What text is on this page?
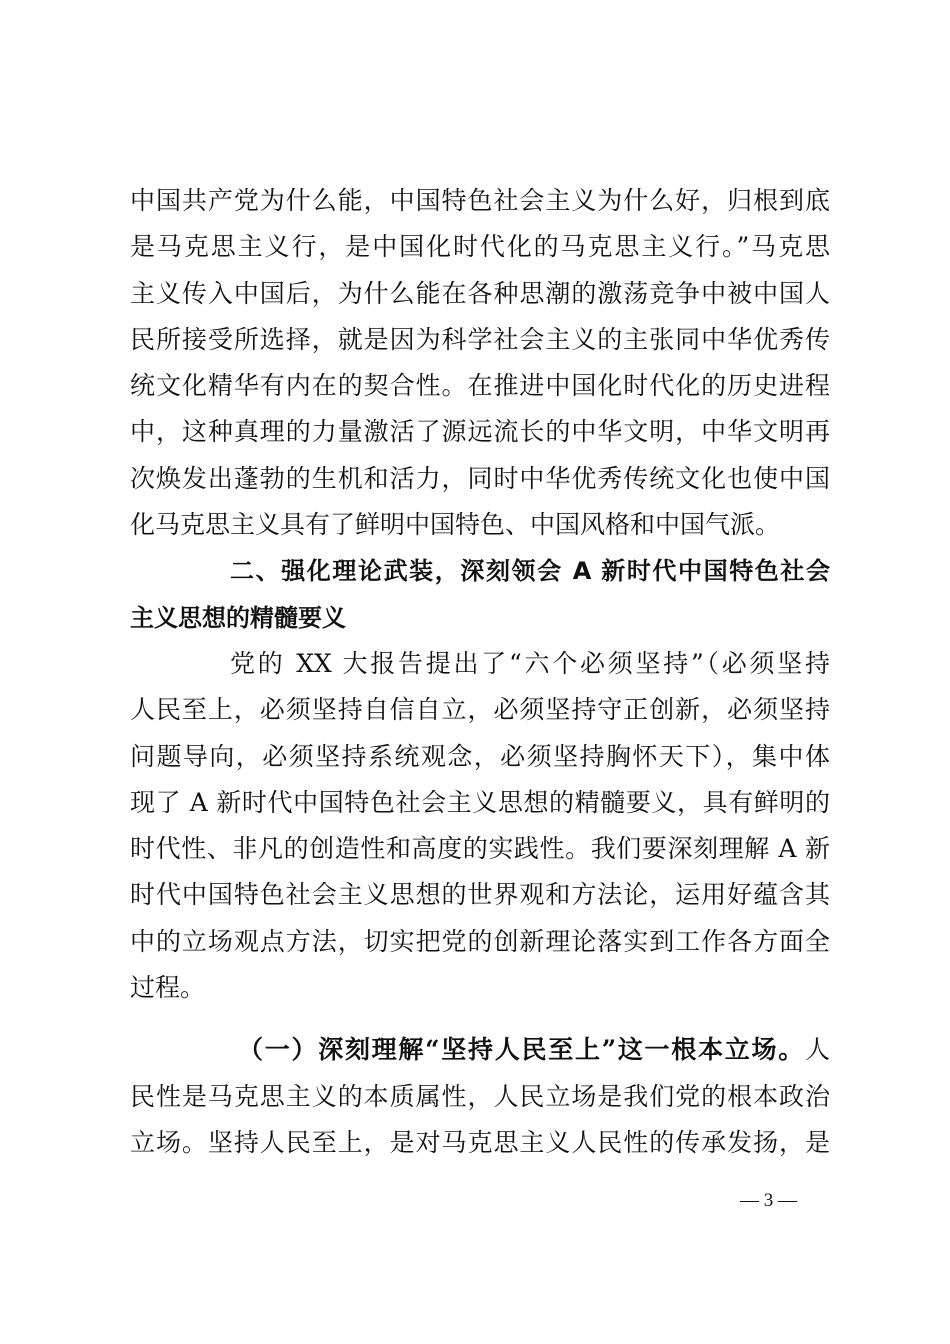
中国共产党为什么能，中国特色社会主义为什么好，归根到底
是马克思主义行，是中国化时代化的马克思主义行。”马克思
主义传入中国后，为什么能在各种思潮的激荡竞争中被中国人
民所接受所选择，就是因为科学社会主义的主张同中华优秀传
统文化精华有内在的契合性。在推进中国化时代化的历史进程
中，这种真理的力量激活了源远流长的中华文明，中华文明再
次焕发出蓬勃的生机和活力，同时中华优秀传统文化也使中国
化马克思主义具有了鲜明中国特色、中国风格和中国气派。
二、强化理论武装，深刻领会 A 新时代中国特色社会
主义思想的精髓要义
党的 XX 大报告提出了“六个必须坚持”（必须坚持
人民至上，必须坚持自信自立，必须坚持守正创新，必须坚持
问题导向，必须坚持系统观念，必须坚持胸怀天下），集中体
现了 A 新时代中国特色社会主义思想的精髓要义，具有鲜明的
时代性、非凡的创造性和高度的实践性。我们要深刻理解 A 新
时代中国特色社会主义思想的世界观和方法论，运用好蕴含其
中的立场观点方法，切实把党的创新理论落实到工作各方面全
过程。
（一）深刻理解“坚持人民至上”这一根本立场。人
民性是马克思主义的本质属性，人民立场是我们党的根本政治
立场。坚持人民至上，是对马克思主义人民性的传承发扬，是
— 3 —
